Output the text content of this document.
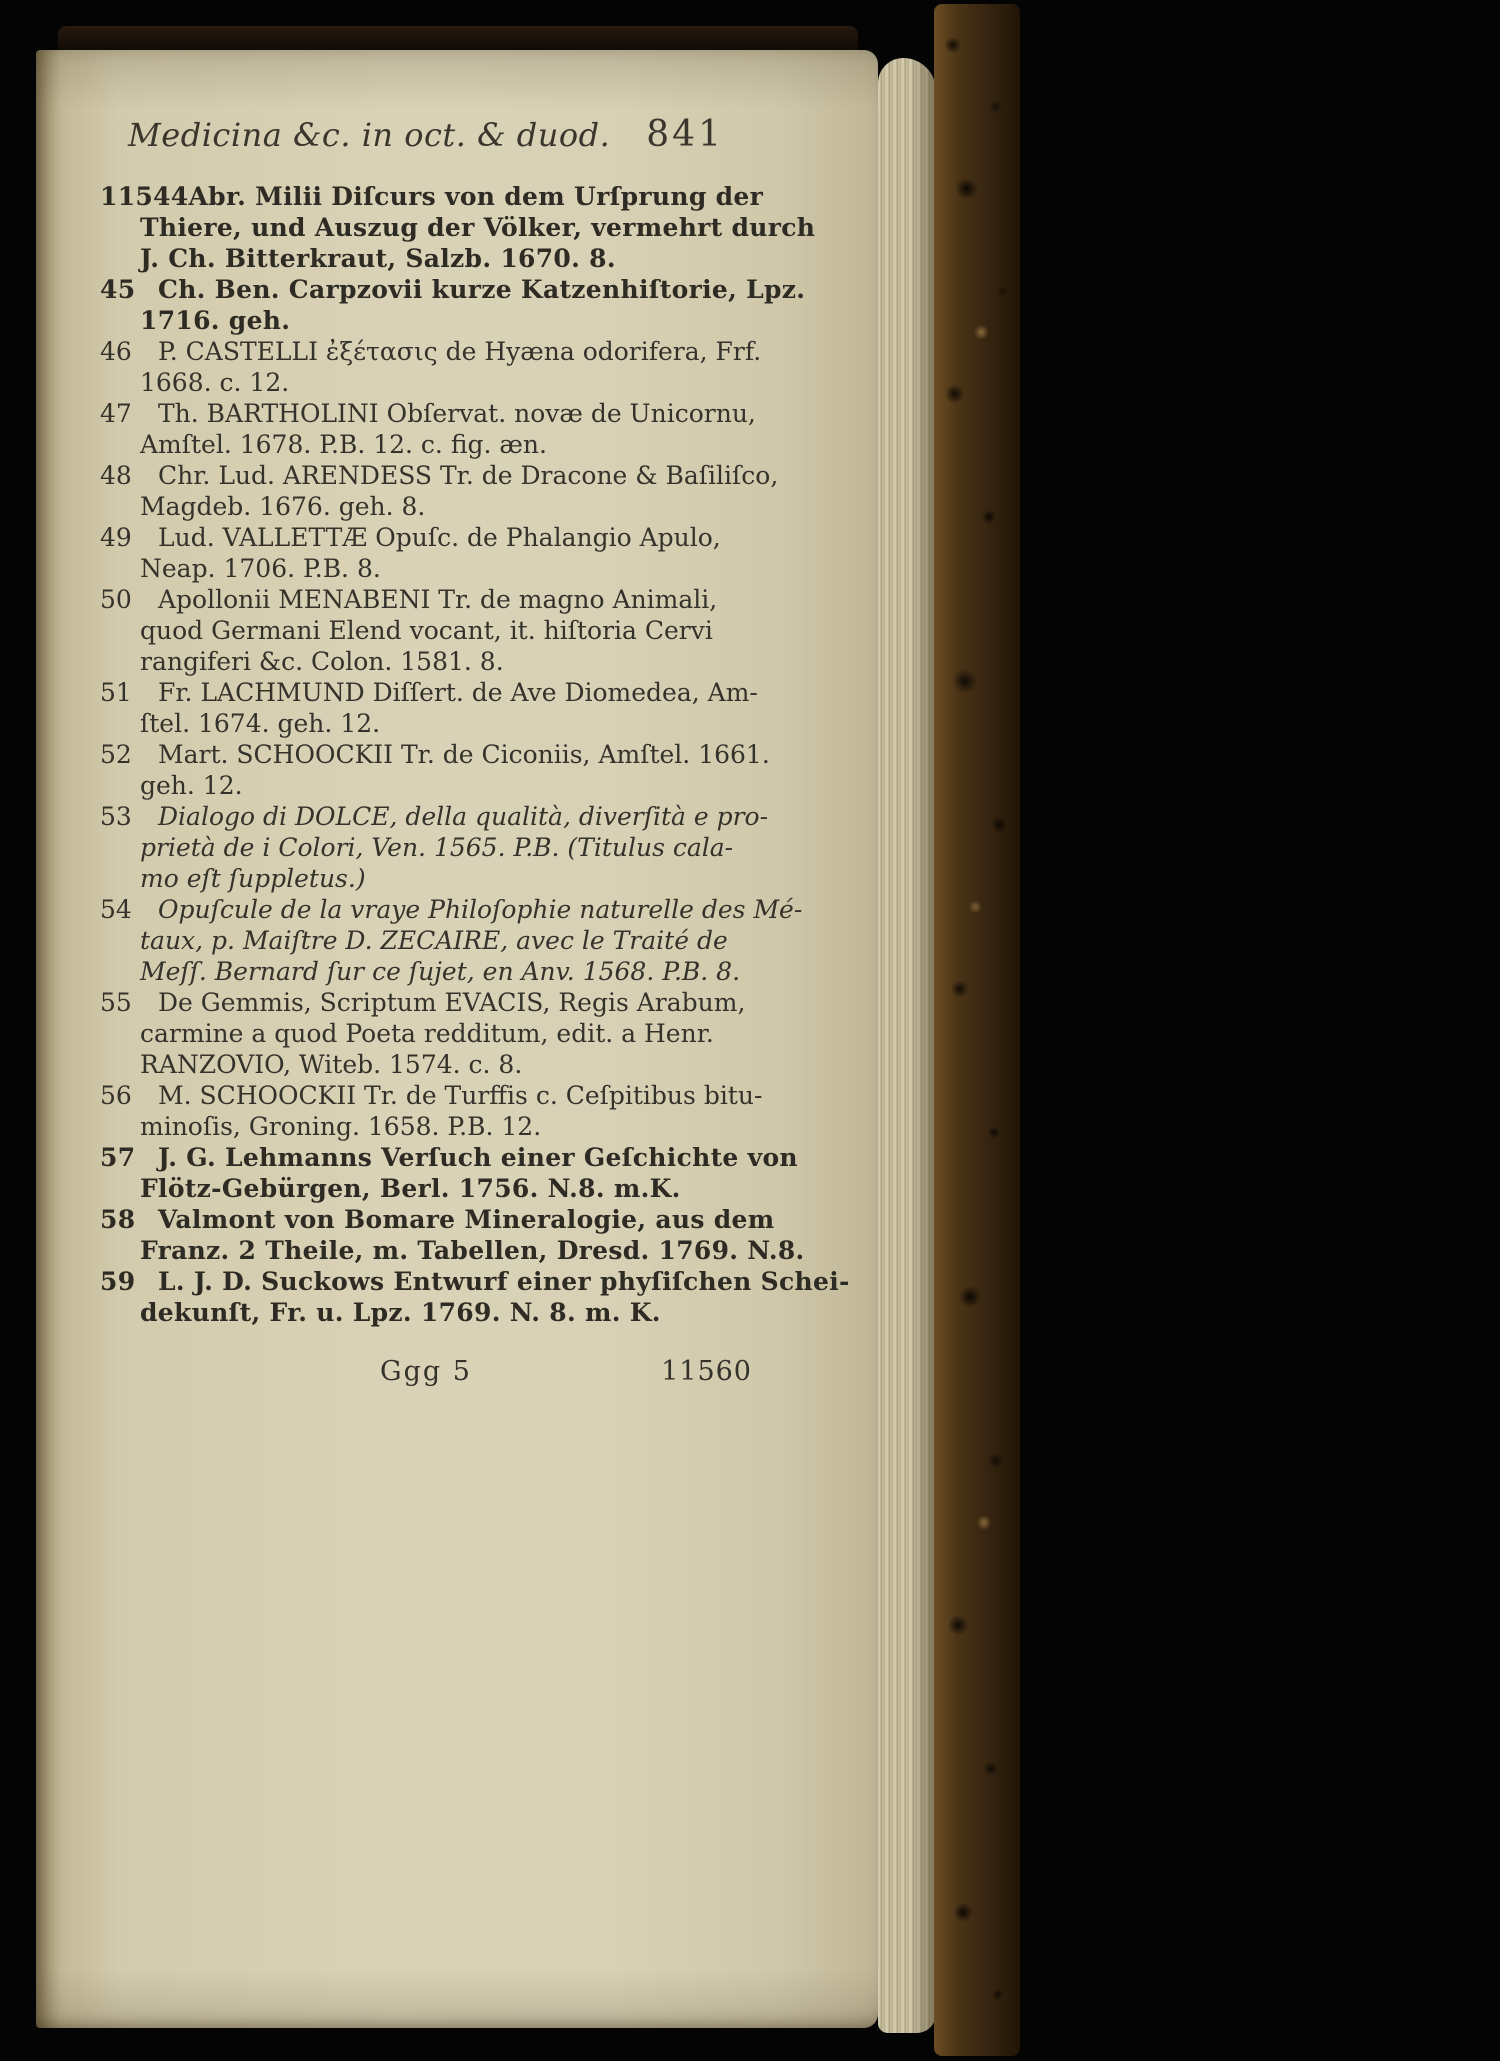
Medicina &c. in oct. & duod. 841

11544Abr. Milii Diſcurs von dem Urſprung der
Thiere, und Auszug der Völker, vermehrt durch
J. Ch. Bitterkraut, Salzb. 1670. 8.

45 Ch. Ben. Carpzovii kurze Katzenhiſtorie, Lpz.
1716. geh.

46 P. CASTELLI ἐξέτασις de Hyæna odorifera, Frf.
1668. c. 12.

47 Th. BARTHOLINI Obſervat. novæ de Unicornu,
Amſtel. 1678. P.B. 12. c. fig. æn.

48 Chr. Lud. ARENDESS Tr. de Dracone & Baſiliſco,
Magdeb. 1676. geh. 8.

49 Lud. VALLETTÆ Opuſc. de Phalangio Apulo,
Neap. 1706. P.B. 8.

50 Apollonii MENABENI Tr. de magno Animali,
quod Germani Elend vocant, it. hiſtoria Cervi
rangiferi &c. Colon. 1581. 8.

51 Fr. LACHMUND Diſſert. de Ave Diomedea, Am-
ſtel. 1674. geh. 12.

52 Mart. SCHOOCKII Tr. de Ciconiis, Amſtel. 1661.
geh. 12.

53 Dialogo di DOLCE, della qualità, diverſità e pro-
prietà de i Colori, Ven. 1565. P.B. (Titulus cala-
mo eſt ſuppletus.)

54 Opuſcule de la vraye Philoſophie naturelle des Mé-
taux, p. Maiſtre D. ZECAIRE, avec le Traité de
Meſſ. Bernard ſur ce ſujet, en Anv. 1568. P.B. 8.

55 De Gemmis, Scriptum EVACIS, Regis Arabum,
carmine a quod Poeta redditum, edit. a Henr.
RANZOVIO, Witeb. 1574. c. 8.

56 M. SCHOOCKII Tr. de Turffis c. Ceſpitibus bitu-
minoſis, Groning. 1658. P.B. 12.

57 J. G. Lehmanns Verſuch einer Geſchichte von
Flötz-Gebürgen, Berl. 1756. N.8. m.K.

58 Valmont von Bomare Mineralogie, aus dem
Franz. 2 Theile, m. Tabellen, Dresd. 1769. N.8.

59 L. J. D. Suckows Entwurf einer phyſiſchen Schei-
dekunſt, Fr. u. Lpz. 1769. N. 8. m. K.

Ggg 5	11560
